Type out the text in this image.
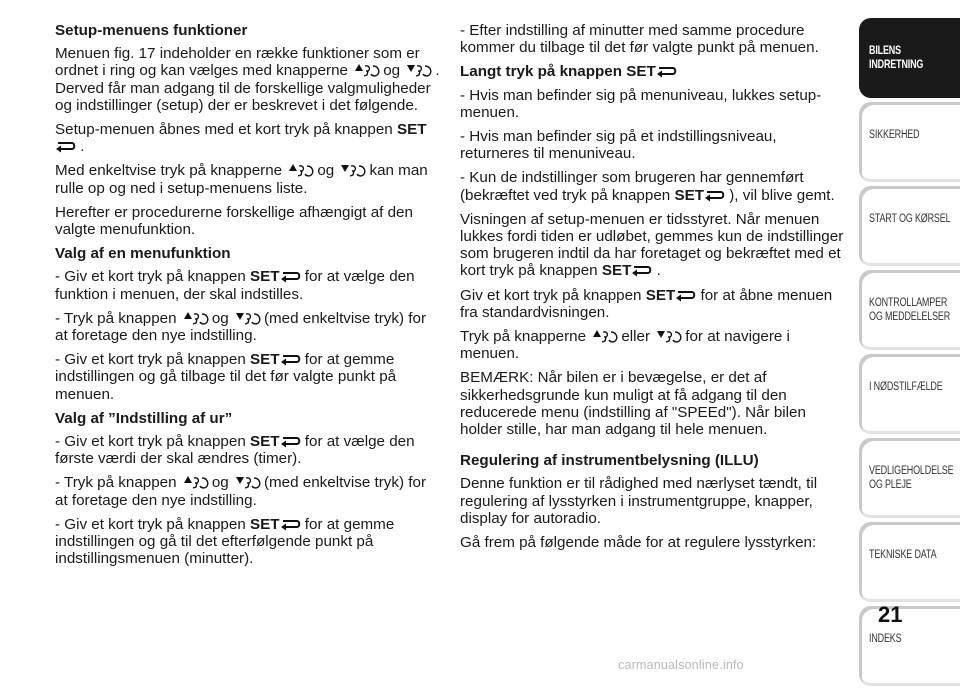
Setup-menuens funktioner

Menuen fig. 17 indeholder en række funktioner som er ordnet i ring og kan vælges med knapperne og . Derved får man adgang til de forskellige valgmuligheder og indstillinger (setup) der er beskrevet i det følgende.

Setup-menuen åbnes med et kort tryk på knappen SET .

Med enkeltvise tryk på knapperne og kan man rulle op og ned i setup-menuens liste.

Herefter er procedurerne forskellige afhængigt af den valgte menufunktion.

Valg af en menufunktion

- Giv et kort tryk på knappen SET for at vælge den funktion i menuen, der skal indstilles.

- Tryk på knappen og (med enkeltvise tryk) for at foretage den nye indstilling.

- Giv et kort tryk på knappen SET for at gemme indstillingen og gå tilbage til det før valgte punkt på menuen.

Valg af ”Indstilling af ur”

- Giv et kort tryk på knappen SET for at vælge den første værdi der skal ændres (timer).

- Tryk på knappen og (med enkeltvise tryk) for at foretage den nye indstilling.

- Giv et kort tryk på knappen SET for at gemme indstillingen og gå til det efterfølgende punkt på indstillingsmenuen (minutter).

- Efter indstilling af minutter med samme procedure kommer du tilbage til det før valgte punkt på menuen.

Langt tryk på knappen SET

- Hvis man befinder sig på menuniveau, lukkes setup-menuen.

- Hvis man befinder sig på et indstillingsniveau, returneres til menuniveau.

- Kun de indstillinger som brugeren har gennemført (bekræftet ved tryk på knappen SET ), vil blive gemt.

Visningen af setup-menuen er tidsstyret. Når menuen lukkes fordi tiden er udløbet, gemmes kun de indstillinger som brugeren indtil da har foretaget og bekræftet med et kort tryk på knappen SET .

Giv et kort tryk på knappen SET for at åbne menuen fra standardvisningen.

Tryk på knapperne eller for at navigere i menuen.

BEMÆRK: Når bilen er i bevægelse, er det af sikkerhedsgrunde kun muligt at få adgang til den reducerede menu (indstilling af "SPEEd"). Når bilen holder stille, har man adgang til hele menuen.

Regulering af instrumentbelysning (ILLU)

Denne funktion er til rådighed med nærlyset tændt, til regulering af lysstyrken i instrumentgruppe, knapper, display for autoradio.

Gå frem på følgende måde for at regulere lysstyrken:

BILENS
INDRETNING
SIKKERHED
START OG KØRSEL
KONTROLLAMPER
OG MEDDELELSER
I NØDSTILFÆLDE
VEDLIGEHOLDELSE
OG PLEJE
TEKNISKE DATA
INDEKS
21
carmanualsonline.info
